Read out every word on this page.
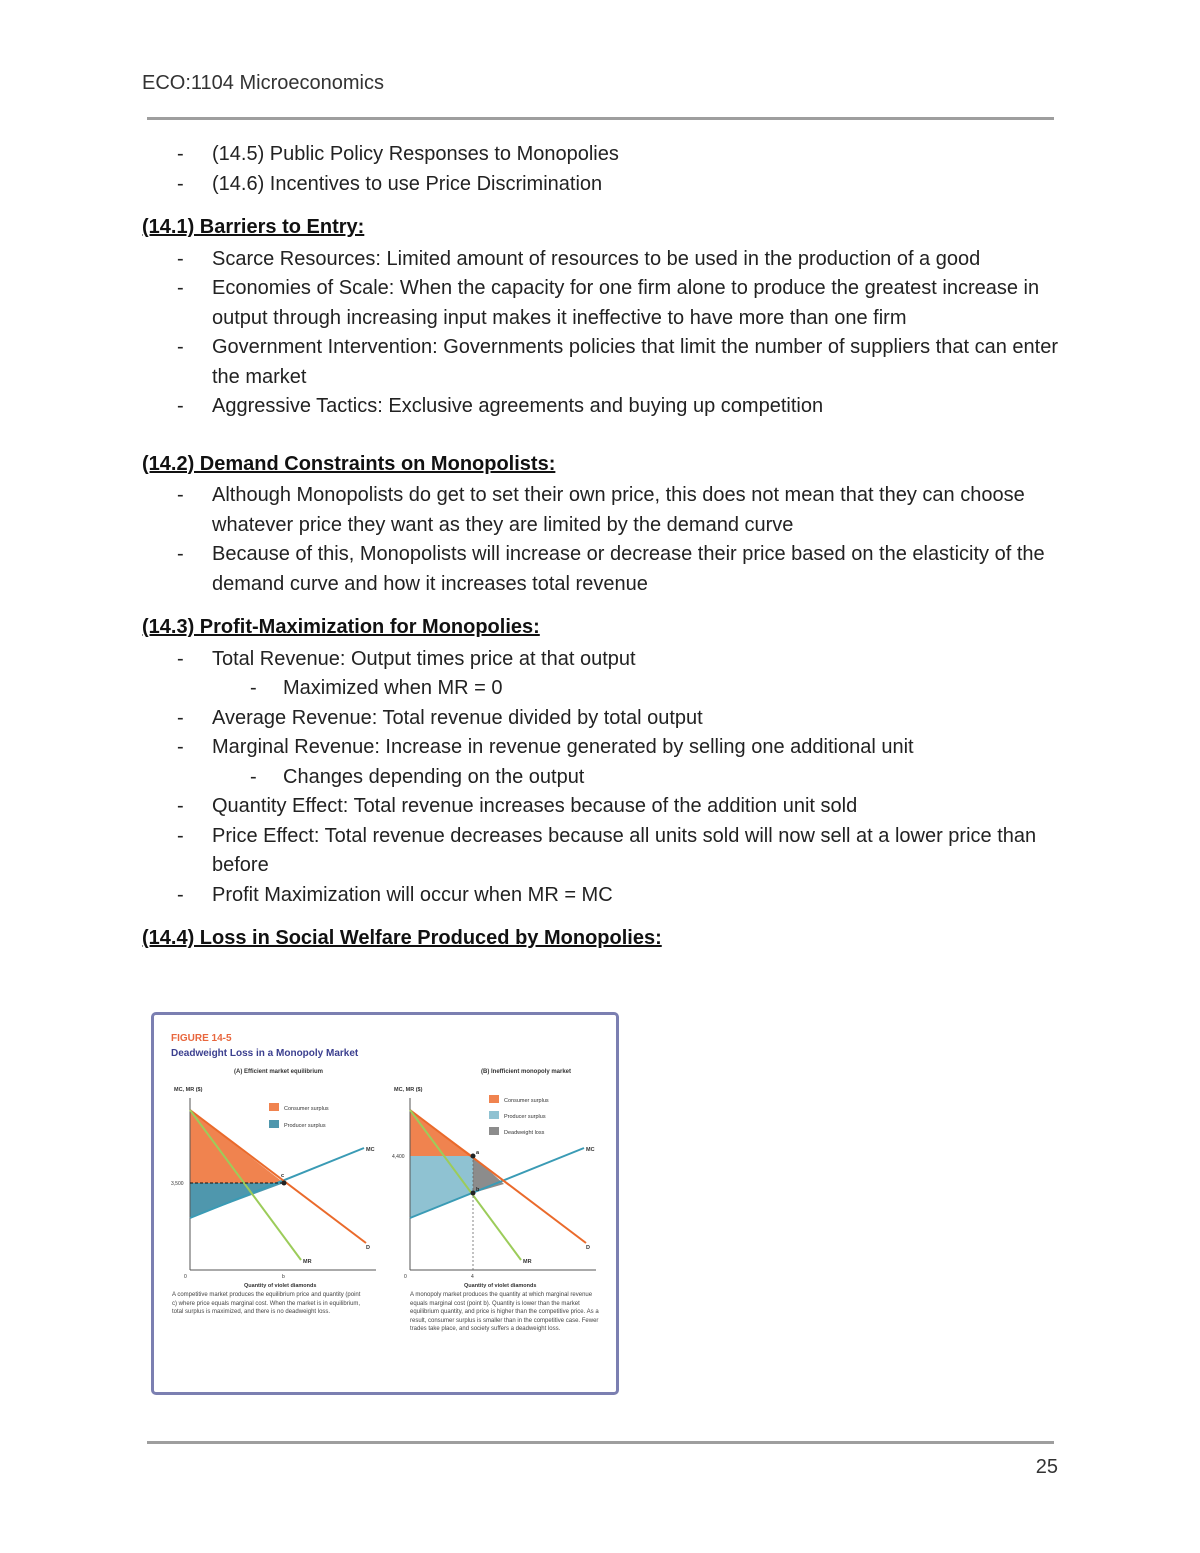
ECO:1104 Microeconomics
- (14.5) Public Policy Responses to Monopolies
- (14.6) Incentives to use Price Discrimination
(14.1) Barriers to Entry:
- Scarce Resources: Limited amount of resources to be used in the production of a good
- Economies of Scale: When the capacity for one firm alone to produce the greatest increase in output through increasing input makes it ineffective to have more than one firm
- Government Intervention: Governments policies that limit the number of suppliers that can enter the market
- Aggressive Tactics: Exclusive agreements and buying up competition
(14.2) Demand Constraints on Monopolists:
- Although Monopolists do get to set their own price, this does not mean that they can choose whatever price they want as they are limited by the demand curve
- Because of this, Monopolists will increase or decrease their price based on the elasticity of the demand curve and how it increases total revenue
(14.3) Profit-Maximization for Monopolies:
- Total Revenue: Output times price at that output
- Maximized when MR = 0
- Average Revenue: Total revenue divided by total output
- Marginal Revenue: Increase in revenue generated by selling one additional unit
- Changes depending on the output
- Quantity Effect: Total revenue increases because of the addition unit sold
- Price Effect: Total revenue decreases because all units sold will now sell at a lower price than before
- Profit Maximization will occur when MR = MC
(14.4) Loss in Social Welfare Produced by Monopolies:
FIGURE 14-5
Deadweight Loss in a Monopoly Market
(A) Efficient market equilibrium
MC, MR ($)
c
3,500
0	b
MC
D
MR
Consumer surplus
Producer surplus
Quantity of violet diamonds
A competitive market produces the equilibrium price and quantity (point c) where price equals marginal cost. When the market is in equilibrium, total surplus is maximized, and there is no deadweight loss.
(B) Inefficient monopoly market
MC, MR ($)
a
b
4,400
0	4
MC
D
MR
Consumer surplus
Producer surplus
Deadweight loss
Quantity of violet diamonds
A monopoly market produces the quantity at which marginal revenue equals marginal cost (point b). Quantity is lower than the market equilibrium quantity, and price is higher than the competitive price. As a result, consumer surplus is smaller than in the competitive case. Fewer trades take place, and society suffers a deadweight loss.
25
